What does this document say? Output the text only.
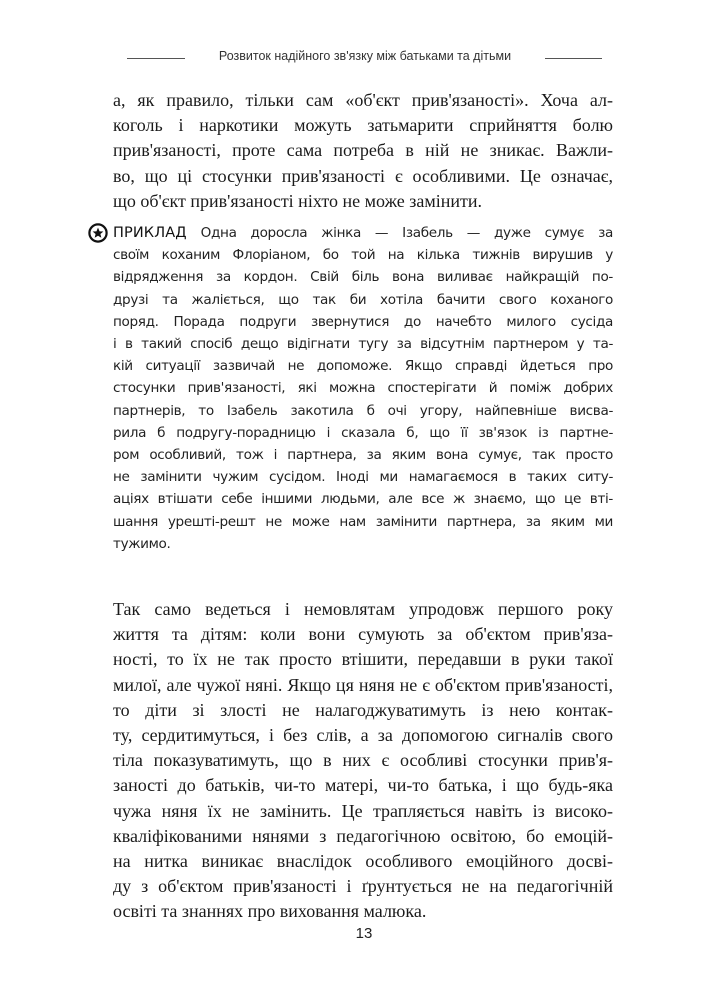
Розвиток надійного зв'язку між батьками та дітьми
а, як правило, тільки сам «об'єкт прив'язаності». Хоча ал-
коголь і наркотики можуть затьмарити сприйняття болю
прив'язаності, проте сама потреба в ній не зникає. Важли-
во, що ці стосунки прив'язаності є особливими. Це означає,
що об'єкт прив'язаності ніхто не може замінити.
ПРИКЛАД Одна доросла жінка — Ізабель — дуже сумує за
своїм коханим Флоріаном, бо той на кілька тижнів вирушив у
відрядження за кордон. Свій біль вона виливає найкращій по-
друзі та жаліється, що так би хотіла бачити свого коханого
поряд. Порада подруги звернутися до начебто милого сусіда
і в такий спосіб дещо відігнати тугу за відсутнім партнером у та-
кій ситуації зазвичай не допоможе. Якщо справді йдеться про
стосунки прив'язаності, які можна спостерігати й поміж добрих
партнерів, то Ізабель закотила б очі угору, найпевніше висва-
рила б подругу-порадницю і сказала б, що її зв'язок із партне-
ром особливий, тож і партнера, за яким вона сумує, так просто
не замінити чужим сусідом. Іноді ми намагаємося в таких ситу-
аціях втішати себе іншими людьми, але все ж знаємо, що це вті-
шання урешті-решт не може нам замінити партнера, за яким ми
тужимо.
Так само ведеться і немовлятам упродовж першого року
життя та дітям: коли вони сумують за об'єктом прив'яза-
ності, то їх не так просто втішити, передавши в руки такої
милої, але чужої няні. Якщо ця няня не є об'єктом прив'язаності,
то діти зі злості не налагоджуватимуть із нею контак-
ту, сердитимуться, і без слів, а за допомогою сигналів свого
тіла показуватимуть, що в них є особливі стосунки прив'я-
заності до батьків, чи-то матері, чи-то батька, і що будь-яка
чужа няня їх не замінить. Це трапляється навіть із високо-
кваліфікованими нянями з педагогічною освітою, бо емоцій-
на нитка виникає внаслідок особливого емоційного досві-
ду з об'єктом прив'язаності і ґрунтується не на педагогічній
освіті та знаннях про виховання малюка.
13
